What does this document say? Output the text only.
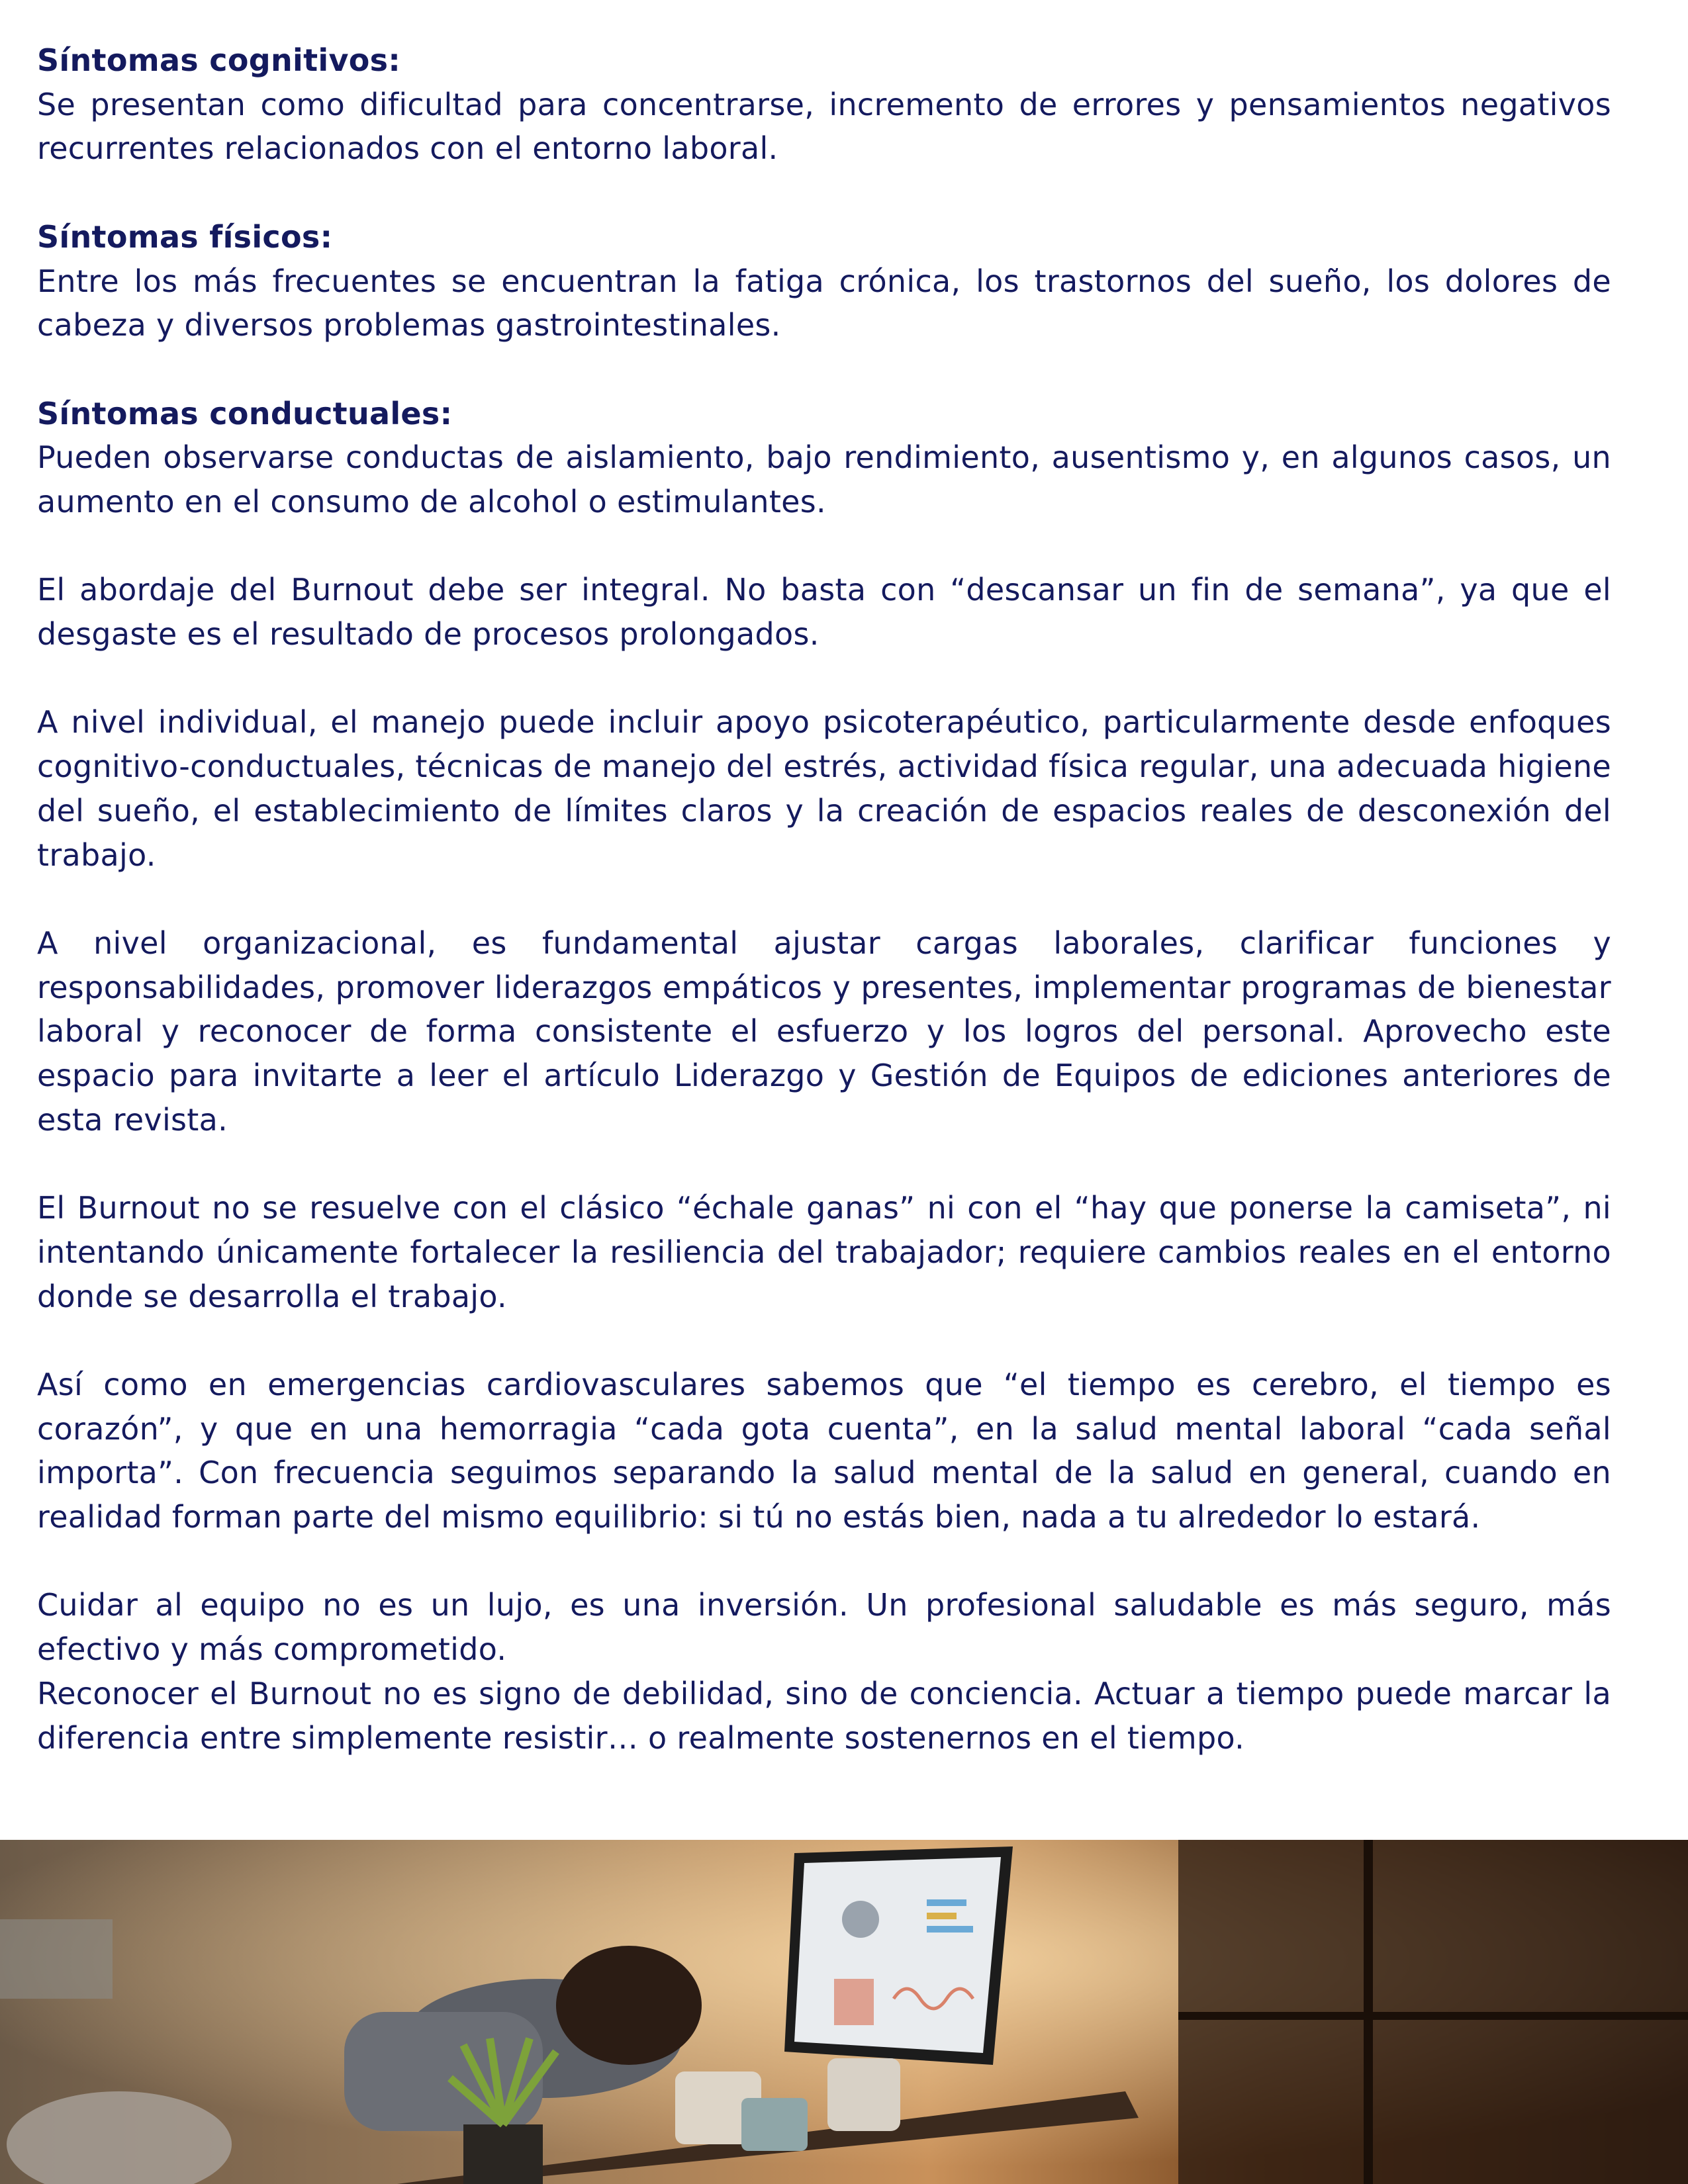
Síntomas cognitivos:
Se presentan como dificultad para concentrarse, incremento de errores y pensamientos negativos recurrentes relacionados con el entorno laboral.

Síntomas físicos:
Entre los más frecuentes se encuentran la fatiga crónica, los trastornos del sueño, los dolores de cabeza y diversos problemas gastrointestinales.

Síntomas conductuales:
Pueden observarse conductas de aislamiento, bajo rendimiento, ausentismo y, en algunos casos, un aumento en el consumo de alcohol o estimulantes.

El abordaje del Burnout debe ser integral. No basta con “descansar un fin de semana”, ya que el desgaste es el resultado de procesos prolongados.

A nivel individual, el manejo puede incluir apoyo psicoterapéutico, particularmente desde enfoques cognitivo-conductuales, técnicas de manejo del estrés, actividad física regular, una adecuada higiene del sueño, el establecimiento de límites claros y la creación de espacios reales de desconexión del trabajo.

A nivel organizacional, es fundamental ajustar cargas laborales, clarificar funciones y responsabilidades, promover liderazgos empáticos y presentes, implementar programas de bienestar laboral y reconocer de forma consistente el esfuerzo y los logros del personal. Aprovecho este espacio para invitarte a leer el artículo Liderazgo y Gestión de Equipos de ediciones anteriores de esta revista.

El Burnout no se resuelve con el clásico “échale ganas” ni con el “hay que ponerse la camiseta”, ni intentando únicamente fortalecer la resiliencia del trabajador; requiere cambios reales en el entorno donde se desarrolla el trabajo.

Así como en emergencias cardiovasculares sabemos que “el tiempo es cerebro, el tiempo es corazón”, y que en una hemorragia “cada gota cuenta”, en la salud mental laboral “cada señal importa”. Con frecuencia seguimos separando la salud mental de la salud en general, cuando en realidad forman parte del mismo equilibrio: si tú no estás bien, nada a tu alrededor lo estará.

Cuidar al equipo no es un lujo, es una inversión. Un profesional saludable es más seguro, más efectivo y más comprometido.

Reconocer el Burnout no es signo de debilidad, sino de conciencia. Actuar a tiempo puede marcar la diferencia entre simplemente resistir… o realmente sostenernos en el tiempo.
